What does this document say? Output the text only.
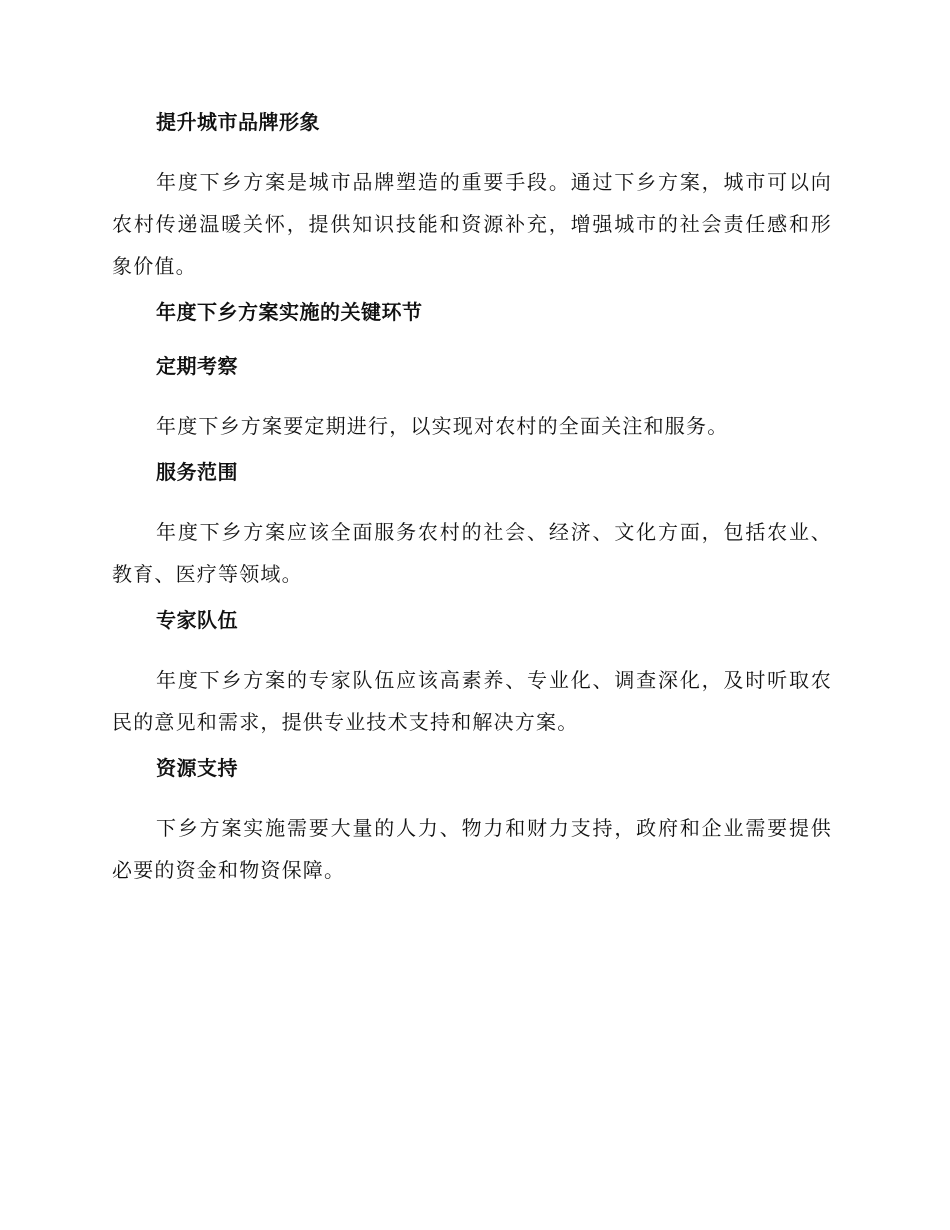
提升城市品牌形象

年度下乡方案是城市品牌塑造的重要手段。通过下乡方案，城市可以向农村传递温暖关怀，提供知识技能和资源补充，增强城市的社会责任感和形象价值。

年度下乡方案实施的关键环节
定期考察

年度下乡方案要定期进行，以实现对农村的全面关注和服务。

服务范围

年度下乡方案应该全面服务农村的社会、经济、文化方面，包括农业、教育、医疗等领域。

专家队伍

年度下乡方案的专家队伍应该高素养、专业化、调查深化，及时听取农民的意见和需求，提供专业技术支持和解决方案。

资源支持

下乡方案实施需要大量的人力、物力和财力支持，政府和企业需要提供必要的资金和物资保障。
